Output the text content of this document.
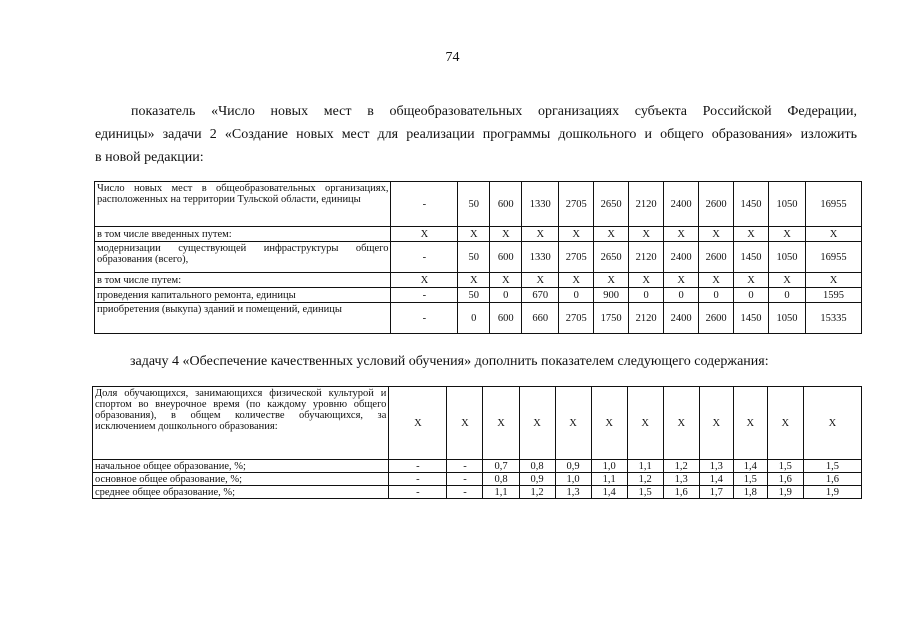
74
показатель «Число новых мест в общеобразовательных организациях субъекта Российской Федерации,
единицы» задачи 2 «Создание новых мест для реализации программы дошкольного и общего образования» изложить
в новой редакции:
Число новых мест в общеобразовательных организациях, расположенных на территории Тульской области, единицы	-	50	600	1330	2705	2650	2120	2400	2600	1450	1050	16955
в том числе введенных путем:	X	X	X	X	X	X	X	X	X	X	X	X
модернизации существующей инфраструктуры общего образования (всего),	-	50	600	1330	2705	2650	2120	2400	2600	1450	1050	16955
в том числе путем:	X	X	X	X	X	X	X	X	X	X	X	X
проведения капитального ремонта, единицы	-	50	0	670	0	900	0	0	0	0	0	1595
приобретения (выкупа) зданий и помещений, единицы	-	0	600	660	2705	1750	2120	2400	2600	1450	1050	15335
задачу 4 «Обеспечение качественных условий обучения» дополнить показателем следующего содержания:
Доля обучающихся, занимающихся физической культурой и спортом во внеурочное время (по каждому уровню общего образования), в общем количестве обучающихся, за исключением дошкольного образования:	X	X	X	X	X	X	X	X	X	X	X	X
начальное общее образование, %;	-	-	0,7	0,8	0,9	1,0	1,1	1,2	1,3	1,4	1,5	1,5
основное общее образование, %;	-	-	0,8	0,9	1,0	1,1	1,2	1,3	1,4	1,5	1,6	1,6
среднее общее образование, %;	-	-	1,1	1,2	1,3	1,4	1,5	1,6	1,7	1,8	1,9	1,9
